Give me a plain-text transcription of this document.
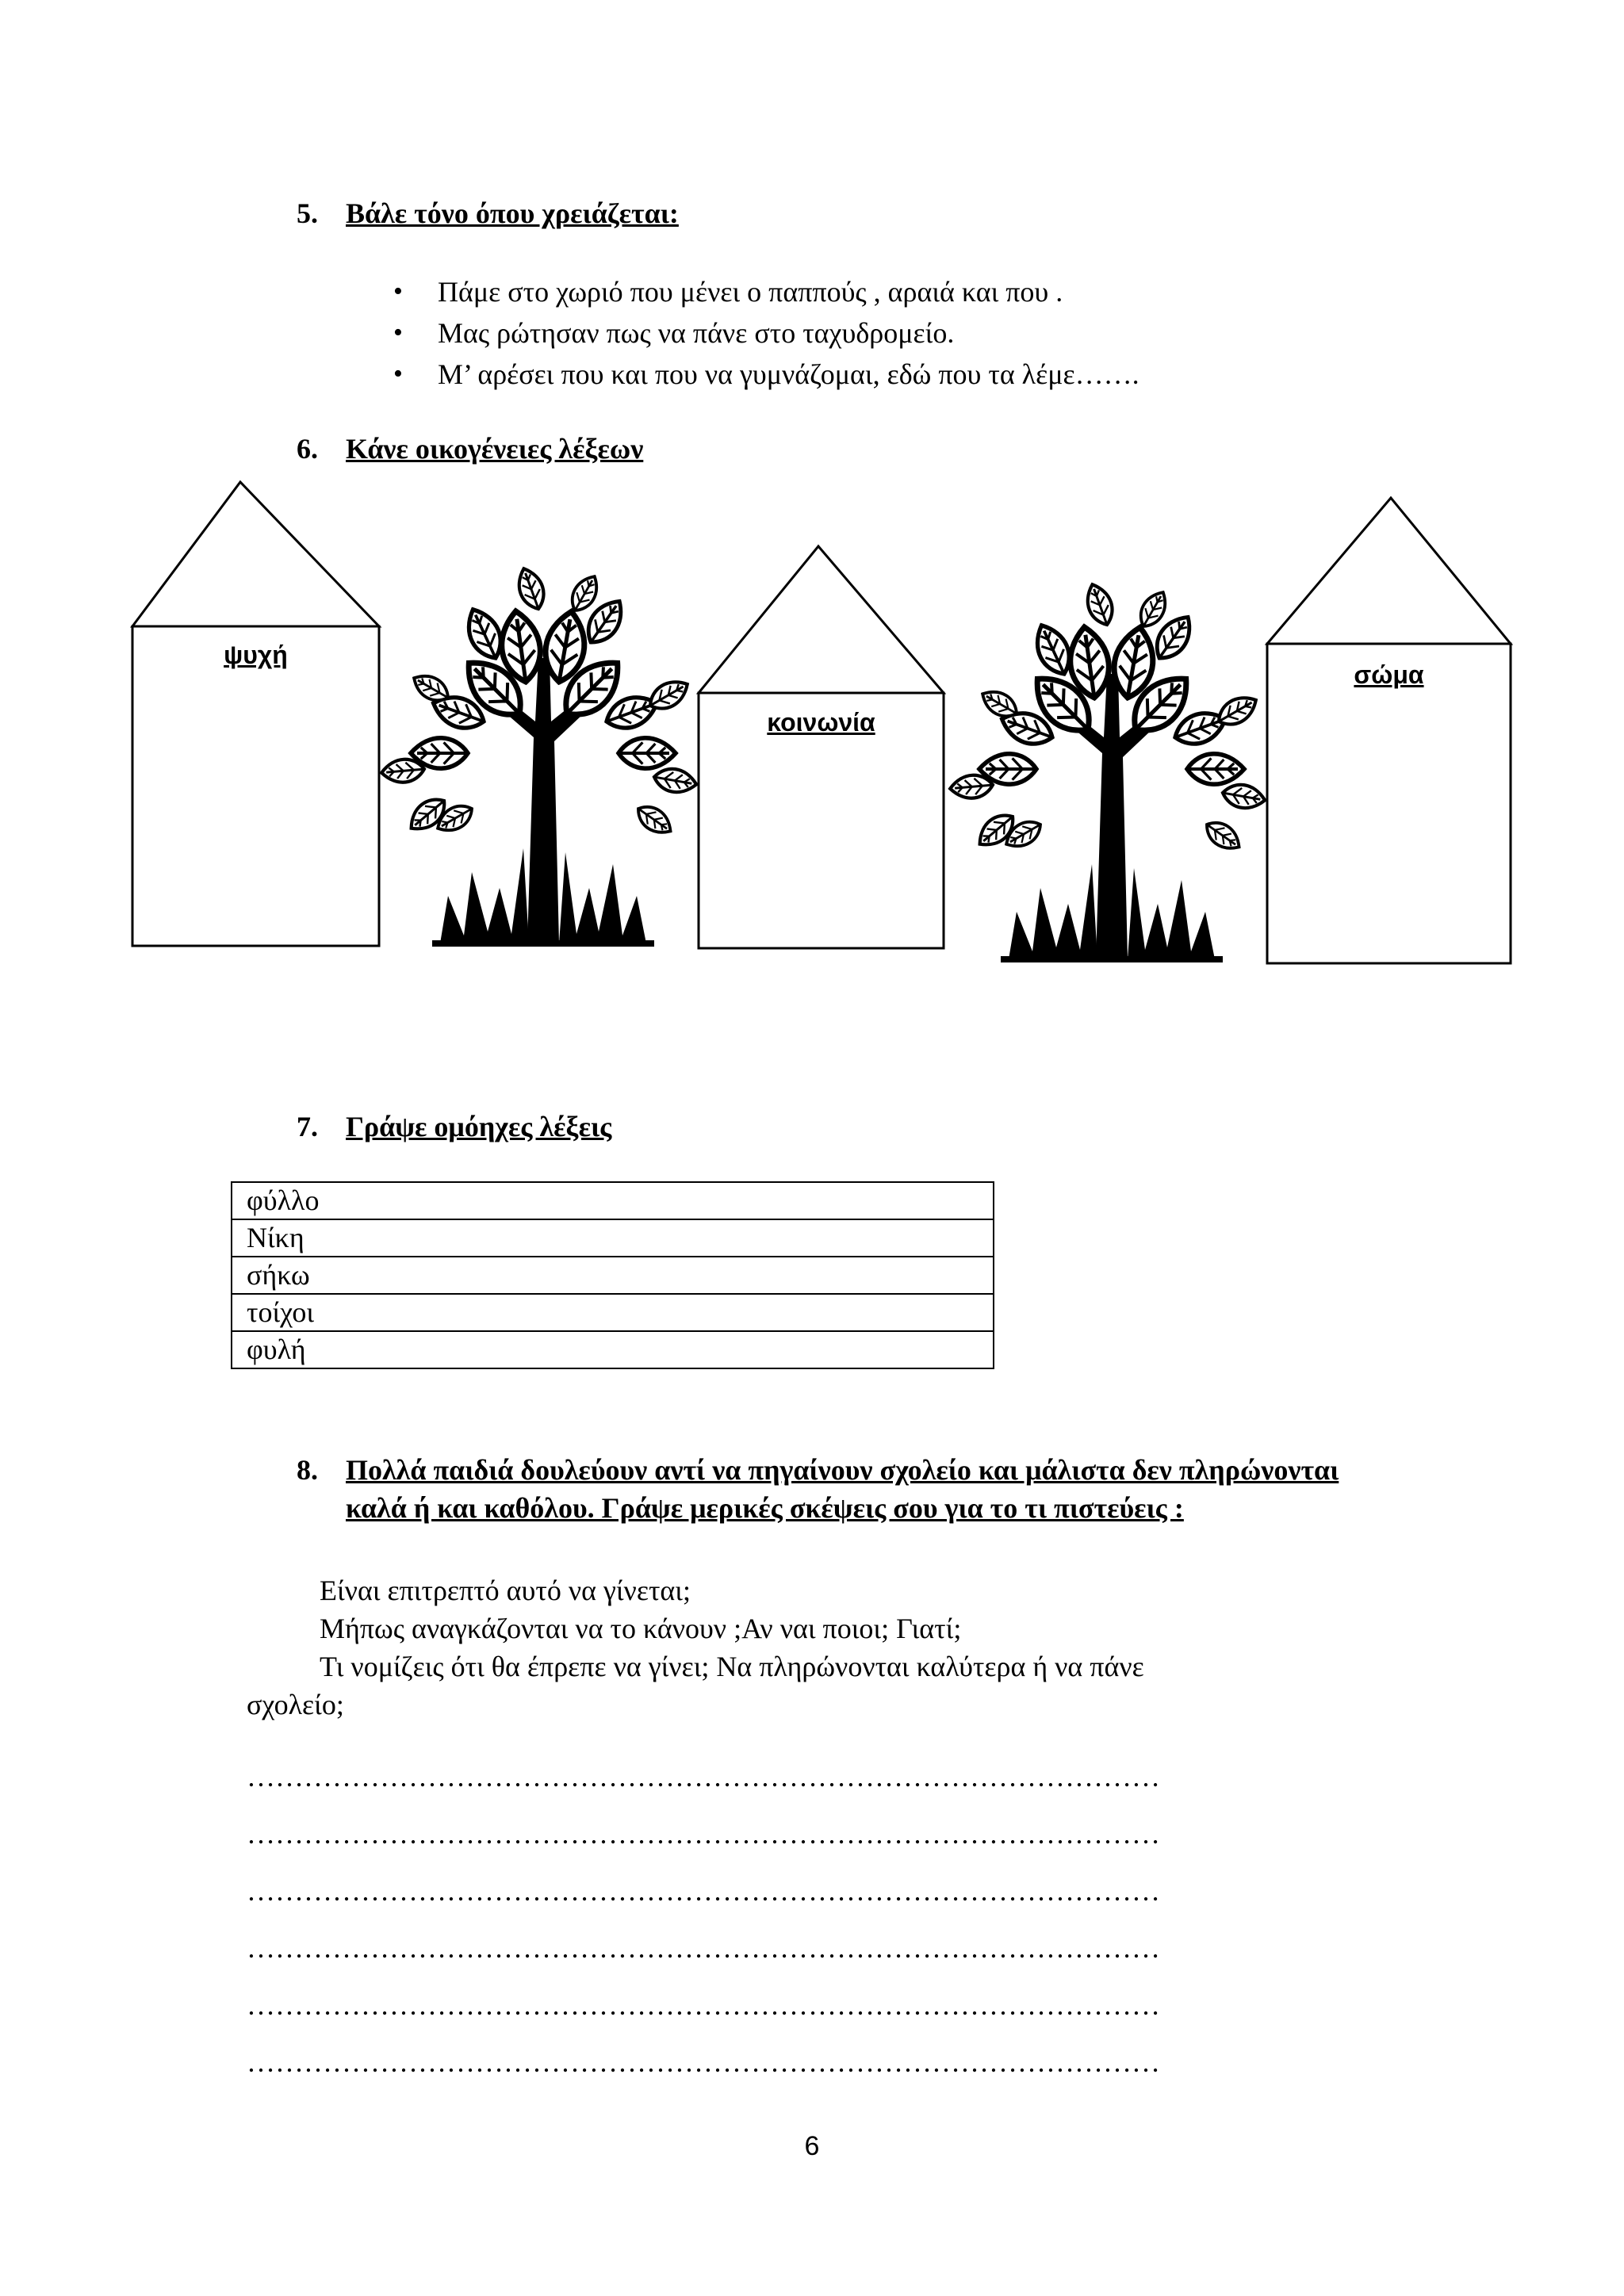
5. Βάλε τόνο όπου χρειάζεται:
• Πάμε στο χωριό που μένει ο παππούς , αραιά και που .
• Μας ρώτησαν πως να πάνε στο ταχυδρομείο.
• Μ’ αρέσει που και που να γυμνάζομαι, εδώ που τα λέμε…….
6. Κάνε οικογένειες λέξεων
ψυχή
κοινωνία
σώμα
7. Γράψε ομόηχες λέξεις
φύλλο
Νίκη
σήκω
τοίχοι
φυλή
8. Πολλά παιδιά δουλεύουν αντί να πηγαίνουν σχολείο και μάλιστα δεν πληρώνονται καλά ή και καθόλου. Γράψε μερικές σκέψεις σου για το τι πιστεύεις :
Είναι επιτρεπτό αυτό να γίνεται;
Μήπως αναγκάζονται να το κάνουν ;Αν ναι ποιοι; Γιατί;
Τι νομίζεις ότι θα έπρεπε να γίνει; Να πληρώνονται καλύτερα ή να πάνε
σχολείο;
……………………………………………………………………………………
……………………………………………………………………………………
……………………………………………………………………………………
……………………………………………………………………………………
……………………………………………………………………………………
……………………………………………………………………………………
6
